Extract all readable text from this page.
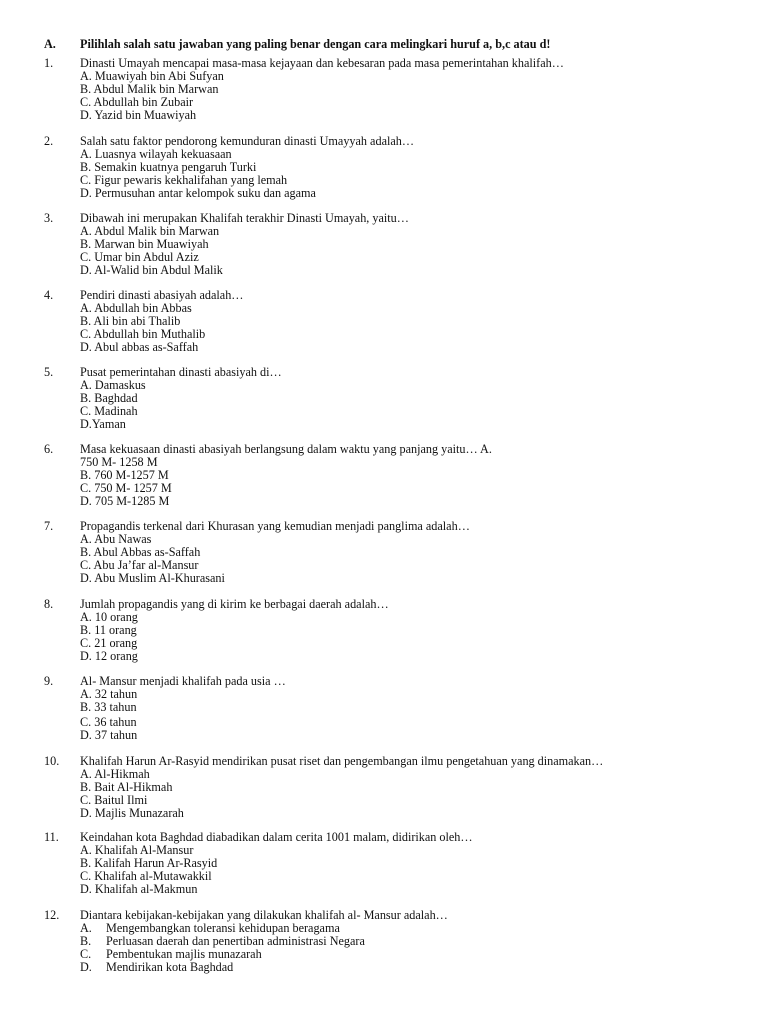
A. Pilihlah salah satu jawaban yang paling benar dengan cara melingkari huruf a, b,c atau d!
1. Dinasti Umayah mencapai masa-masa kejayaan dan kebesaran pada masa pemerintahan khalifah…
A. Muawiyah bin Abi Sufyan
B. Abdul Malik bin Marwan
C. Abdullah bin Zubair
D. Yazid bin Muawiyah
2. Salah satu faktor pendorong kemunduran dinasti Umayyah adalah…
A. Luasnya wilayah kekuasaan
B. Semakin kuatnya pengaruh Turki
C. Figur pewaris kekhalifahan yang lemah
D. Permusuhan antar kelompok suku dan agama
3. Dibawah ini merupakan Khalifah terakhir Dinasti Umayah, yaitu…
A. Abdul Malik bin Marwan
B. Marwan bin Muawiyah
C. Umar bin Abdul Aziz
D. Al-Walid bin Abdul Malik
4. Pendiri dinasti abasiyah adalah…
A. Abdullah bin Abbas
B. Ali bin abi Thalib
C. Abdullah bin Muthalib
D. Abul abbas as-Saffah
5. Pusat pemerintahan dinasti abasiyah di…
A. Damaskus
B. Baghdad
C. Madinah
D.Yaman
6. Masa kekuasaan dinasti abasiyah berlangsung dalam waktu yang panjang yaitu… A.
750 M- 1258 M
B. 760 M-1257 M
C. 750 M- 1257 M
D. 705 M-1285 M
7. Propagandis terkenal dari Khurasan yang kemudian menjadi panglima adalah…
A. Abu Nawas
B. Abul Abbas as-Saffah
C. Abu Ja’far al-Mansur
D. Abu Muslim Al-Khurasani
8. Jumlah propagandis yang di kirim ke berbagai daerah adalah…
A. 10 orang
B. 11 orang
C. 21 orang
D. 12 orang
9. Al- Mansur menjadi khalifah pada usia …
A. 32 tahun
B. 33 tahun
C. 36 tahun
D. 37 tahun
10. Khalifah Harun Ar-Rasyid mendirikan pusat riset dan pengembangan ilmu pengetahuan yang dinamakan…
A. Al-Hikmah
B. Bait Al-Hikmah
C. Baitul Ilmi
D. Majlis Munazarah
11. Keindahan kota Baghdad diabadikan dalam cerita 1001 malam, didirikan oleh…
A. Khalifah Al-Mansur
B. Kalifah Harun Ar-Rasyid
C. Khalifah al-Mutawakkil
D. Khalifah al-Makmun
12. Diantara kebijakan-kebijakan yang dilakukan khalifah al- Mansur adalah…
A. Mengembangkan toleransi kehidupan beragama
B. Perluasan daerah dan penertiban administrasi Negara
C. Pembentukan majlis munazarah
D. Mendirikan kota Baghdad
